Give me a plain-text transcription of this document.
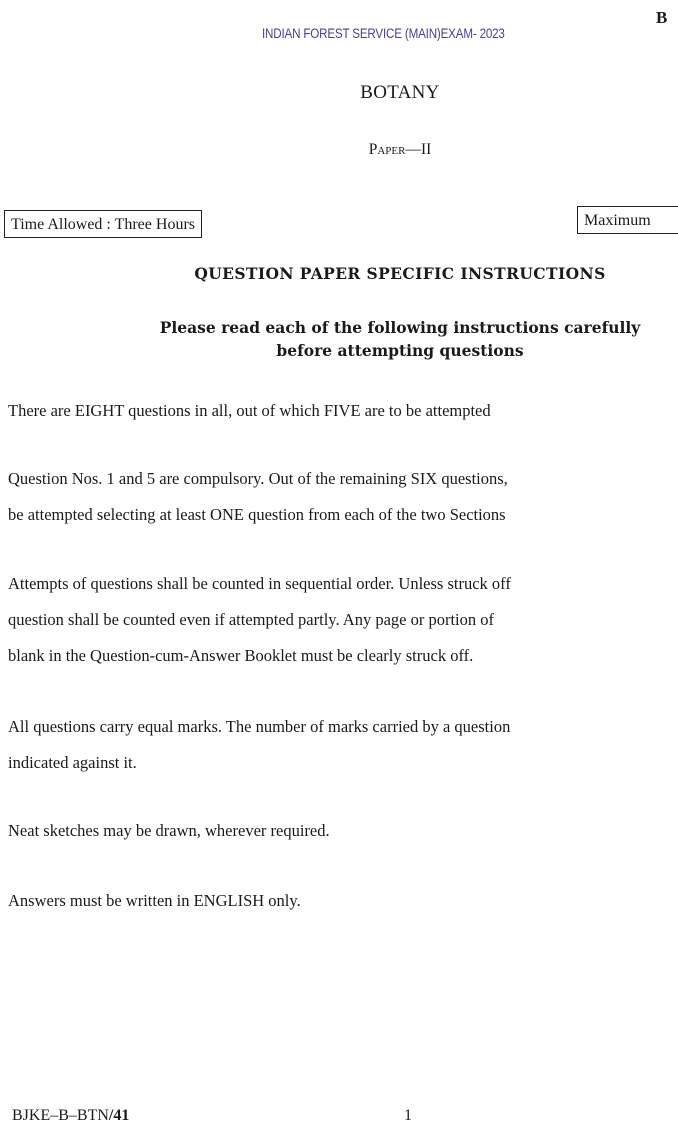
B
INDIAN FOREST SERVICE (MAIN)EXAM- 2023
BOTANY
Paper—II
Time Allowed : Three Hours	Maximum
QUESTION PAPER SPECIFIC INSTRUCTIONS
Please read each of the following instructions carefully
before attempting questions
There are EIGHT questions in all, out of which FIVE are to be attempted
Question Nos. 1 and 5 are compulsory. Out of the remaining SIX questions,
be attempted selecting at least ONE question from each of the two Sections
Attempts of questions shall be counted in sequential order. Unless struck off
question shall be counted even if attempted partly. Any page or portion of
blank in the Question-cum-Answer Booklet must be clearly struck off.
All questions carry equal marks. The number of marks carried by a question
indicated against it.
Neat sketches may be drawn, wherever required.
Answers must be written in ENGLISH only.
BJKE–B–BTN/41	1
